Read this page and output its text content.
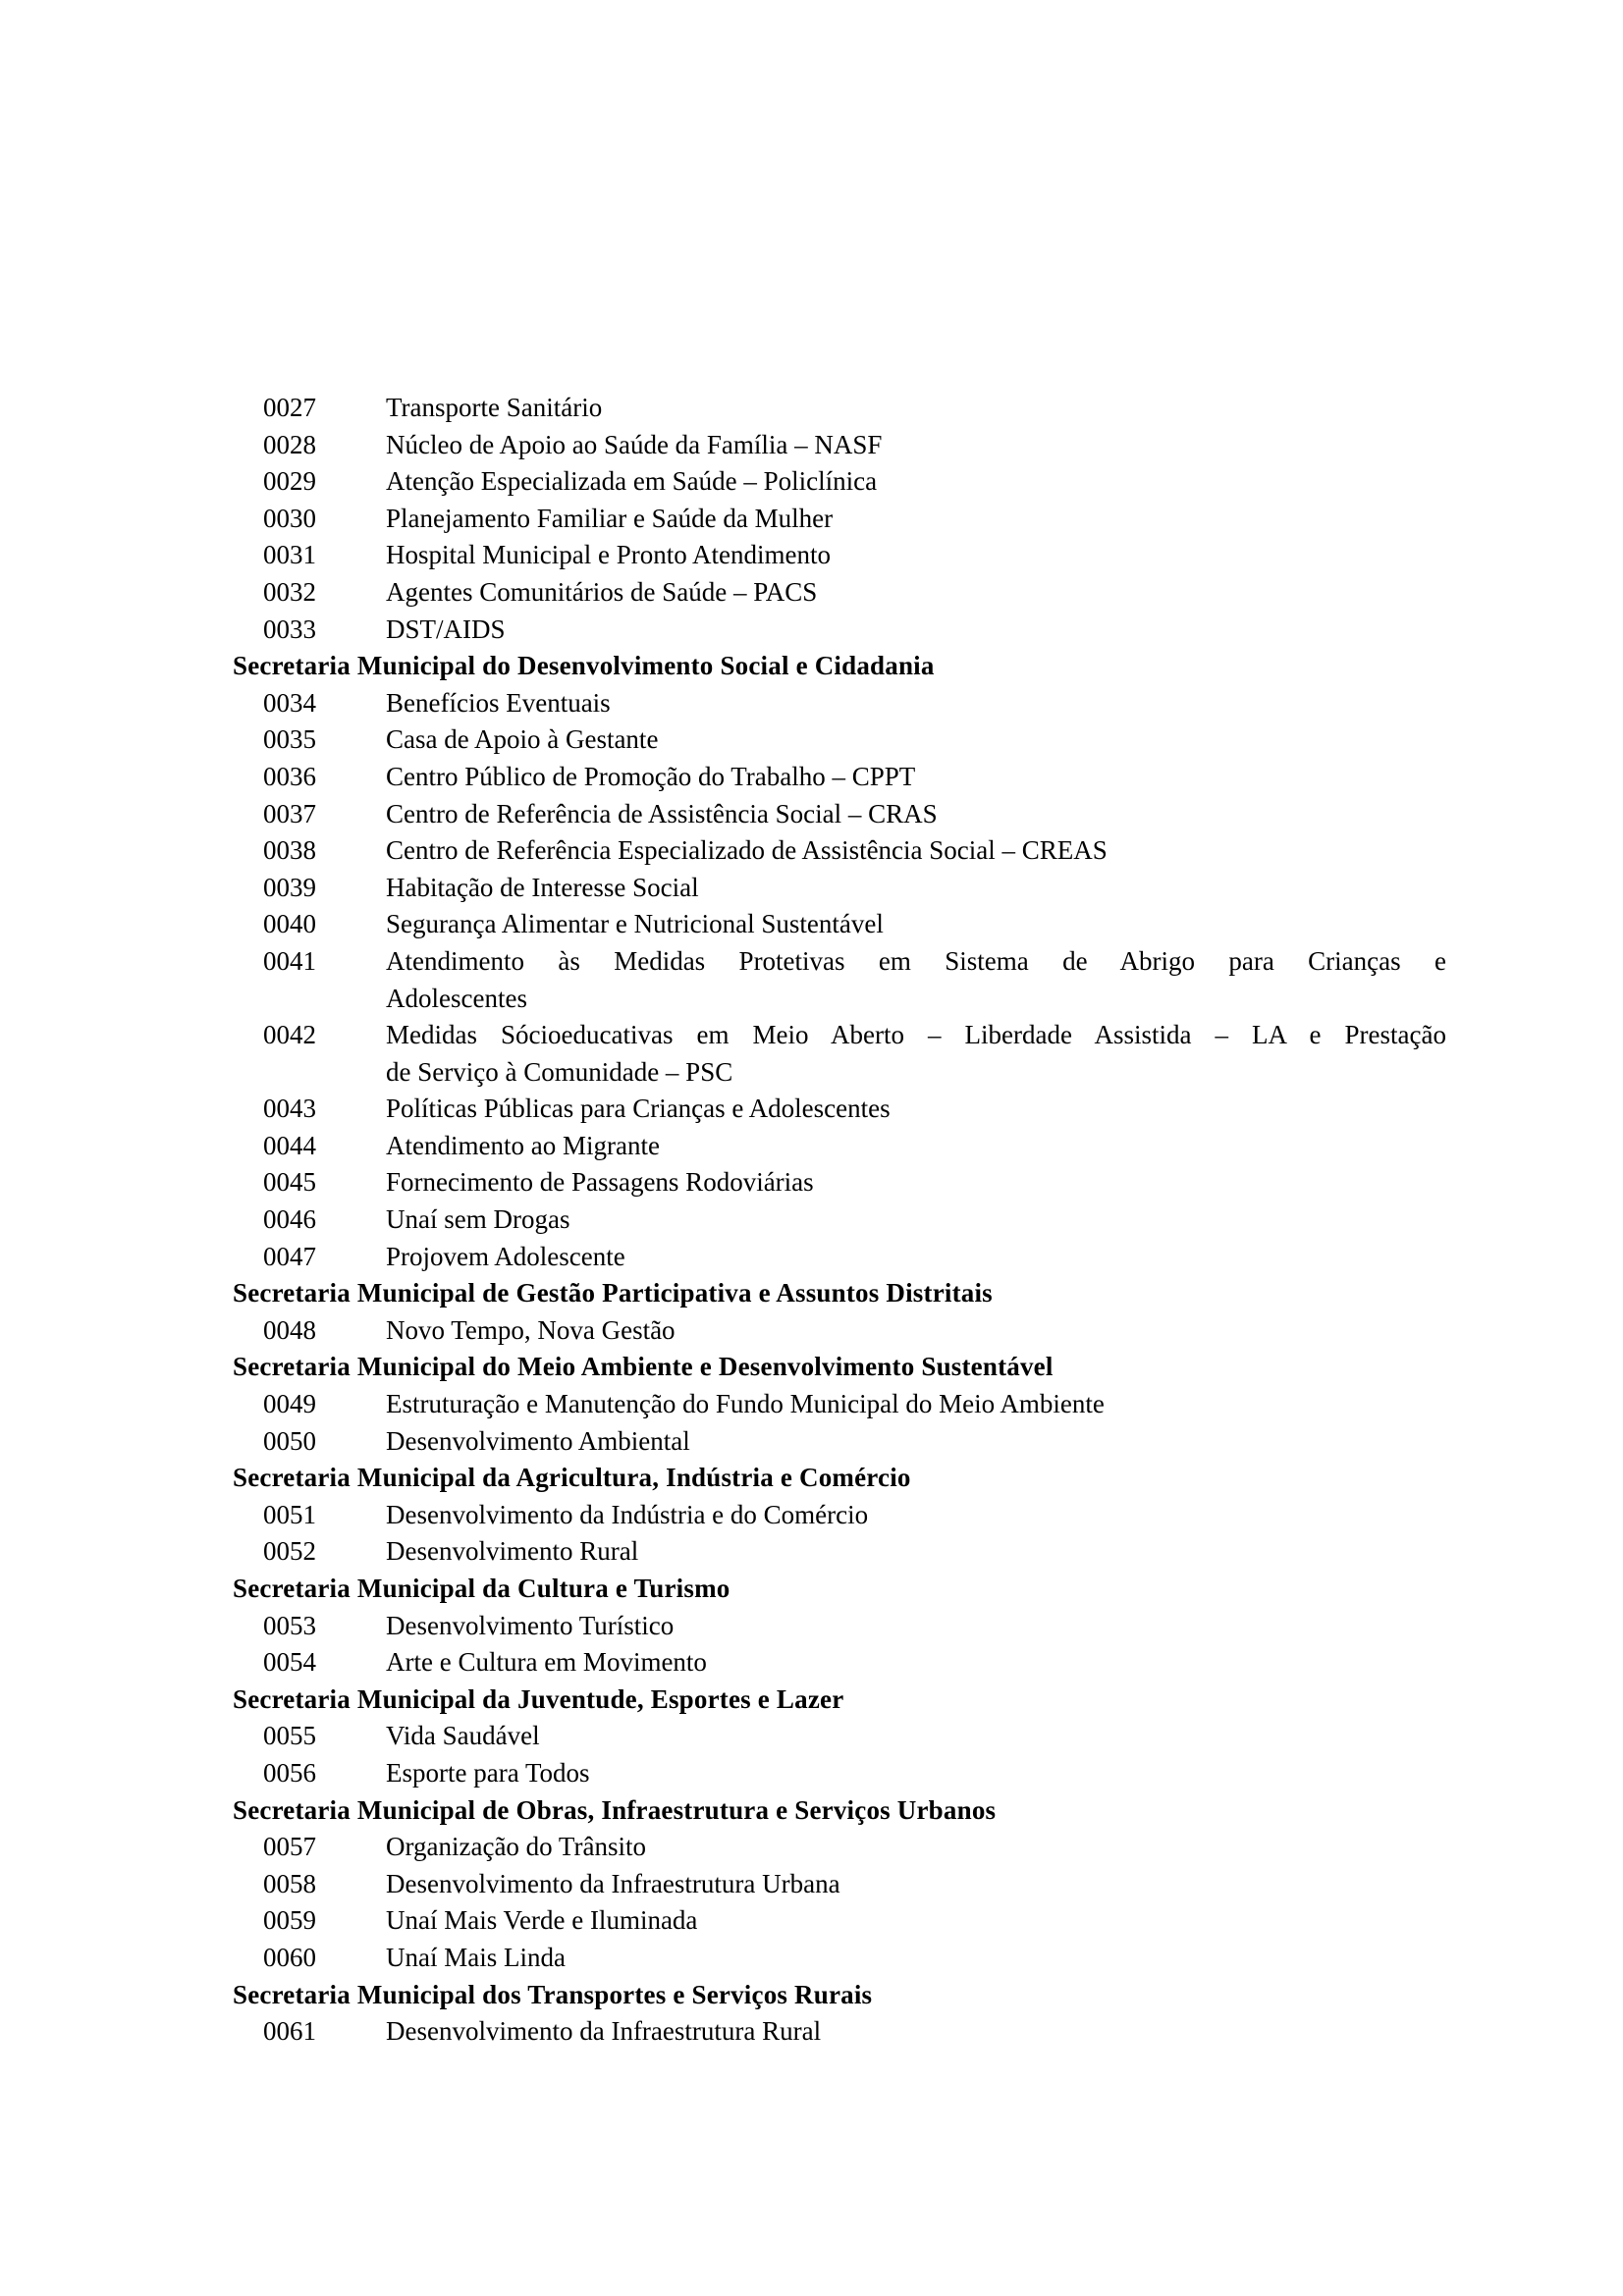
0027	Transporte Sanitário
0028	Núcleo de Apoio ao Saúde da Família – NASF
0029	Atenção Especializada em Saúde – Policlínica
0030	Planejamento Familiar e Saúde da Mulher
0031	Hospital Municipal e Pronto Atendimento
0032	Agentes Comunitários de Saúde – PACS
0033	DST/AIDS
Secretaria Municipal do Desenvolvimento Social e Cidadania
0034	Benefícios Eventuais
0035	Casa de Apoio à Gestante
0036	Centro Público de Promoção do Trabalho – CPPT
0037	Centro de Referência de Assistência Social – CRAS
0038	Centro de Referência Especializado de Assistência Social – CREAS
0039	Habitação de Interesse Social
0040	Segurança Alimentar e Nutricional Sustentável
0041	Atendimento às Medidas Protetivas em Sistema de Abrigo para Crianças e
Adolescentes
0042	Medidas Sócioeducativas em Meio Aberto – Liberdade Assistida – LA e Prestação
de Serviço à Comunidade – PSC
0043	Políticas Públicas para Crianças e Adolescentes
0044	Atendimento ao Migrante
0045	Fornecimento de Passagens Rodoviárias
0046	Unaí sem Drogas
0047	Projovem Adolescente
Secretaria Municipal de Gestão Participativa e Assuntos Distritais
0048	Novo Tempo, Nova Gestão
Secretaria Municipal do Meio Ambiente e Desenvolvimento Sustentável
0049	Estruturação e Manutenção do Fundo Municipal do Meio Ambiente
0050	Desenvolvimento Ambiental
Secretaria Municipal da Agricultura, Indústria e Comércio
0051	Desenvolvimento da Indústria e do Comércio
0052	Desenvolvimento Rural
Secretaria Municipal da Cultura e Turismo
0053	Desenvolvimento Turístico
0054	Arte e Cultura em Movimento
Secretaria Municipal da Juventude, Esportes e Lazer
0055	Vida Saudável
0056	Esporte para Todos
Secretaria Municipal de Obras, Infraestrutura e Serviços Urbanos
0057	Organização do Trânsito
0058	Desenvolvimento da Infraestrutura Urbana
0059	Unaí Mais Verde e Iluminada
0060	Unaí Mais Linda
Secretaria Municipal dos Transportes e Serviços Rurais
0061	Desenvolvimento da Infraestrutura Rural
